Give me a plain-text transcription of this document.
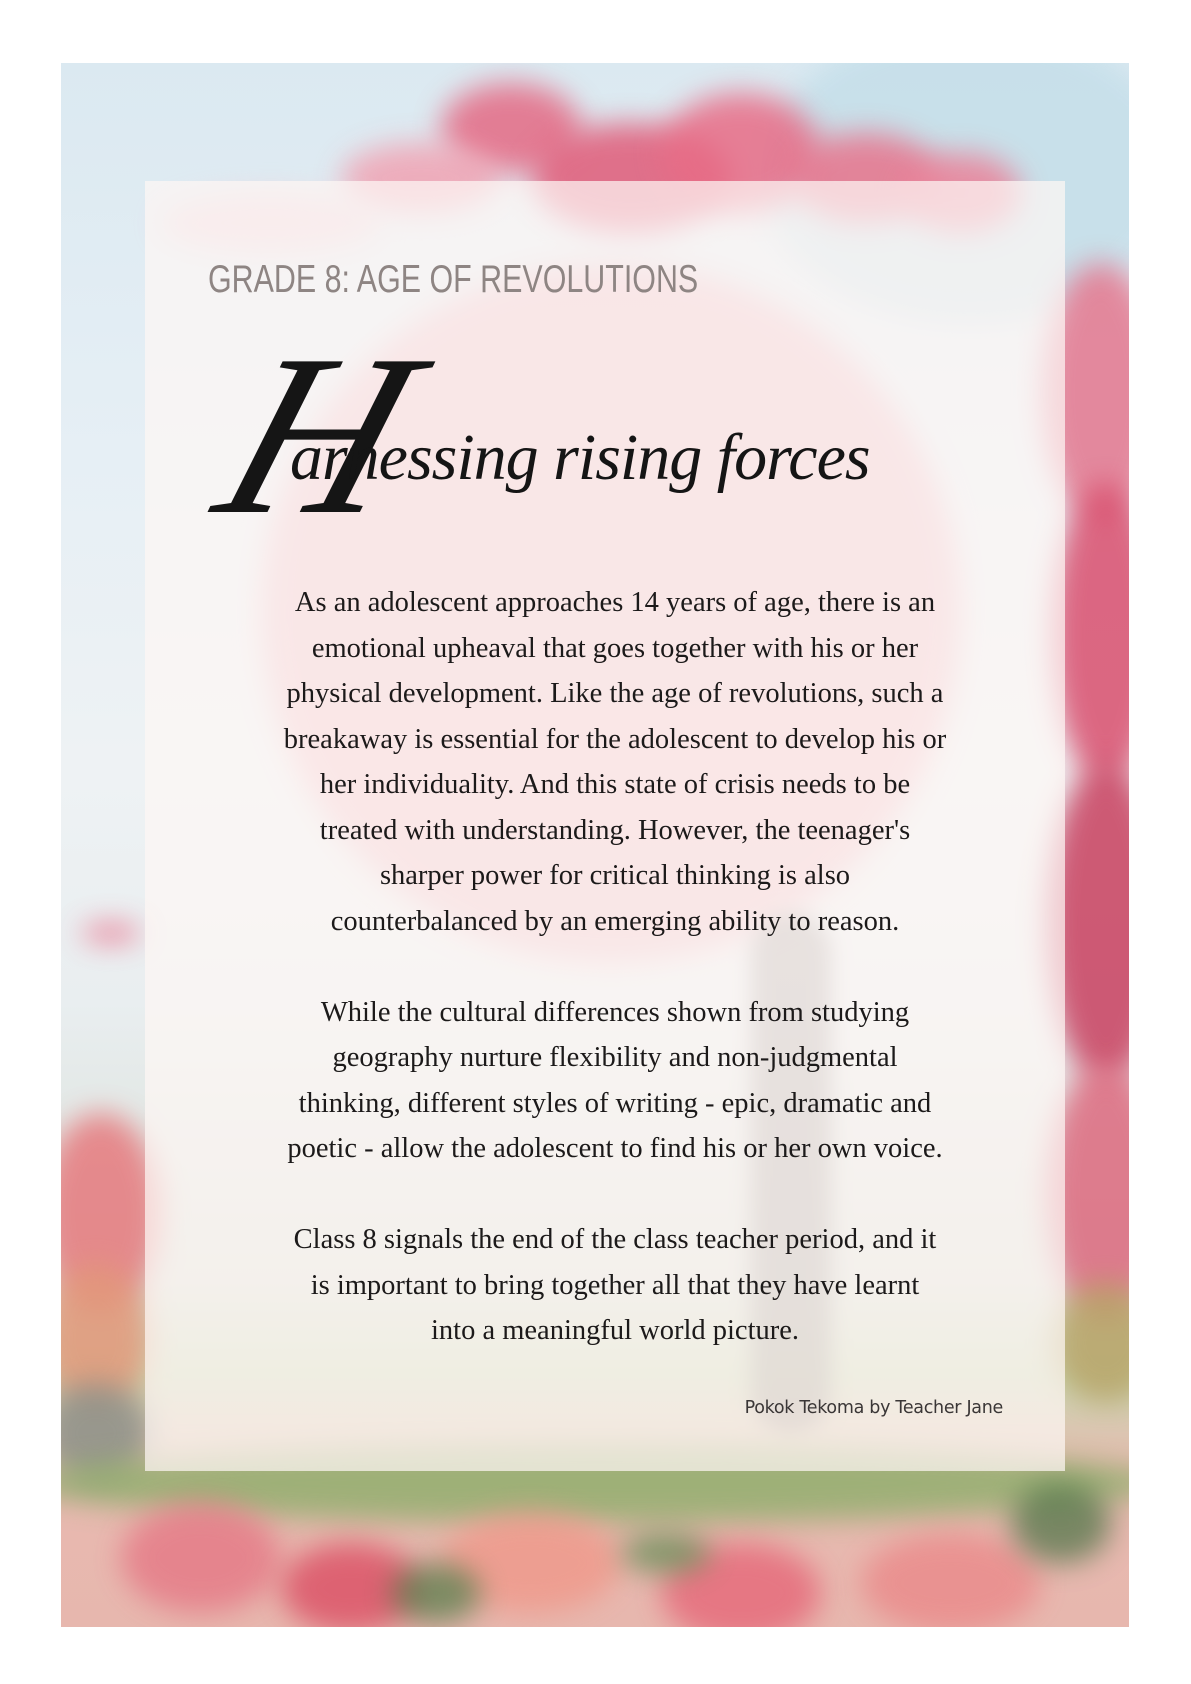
GRADE 8: AGE OF REVOLUTIONS
H
arnessing rising forces

As an adolescent approaches 14 years of age, there is an
emotional upheaval that goes together with his or her
physical development. Like the age of revolutions, such a
breakaway is essential for the adolescent to develop his or
her individuality. And this state of crisis needs to be
treated with understanding. However, the teenager's
sharper power for critical thinking is also
counterbalanced by an emerging ability to reason.

While the cultural differences shown from studying
geography nurture flexibility and non-judgmental
thinking, different styles of writing - epic, dramatic and
poetic - allow the adolescent to find his or her own voice.

Class 8 signals the end of the class teacher period, and it
is important to bring together all that they have learnt
into a meaningful world picture.

Pokok Tekoma by Teacher Jane
